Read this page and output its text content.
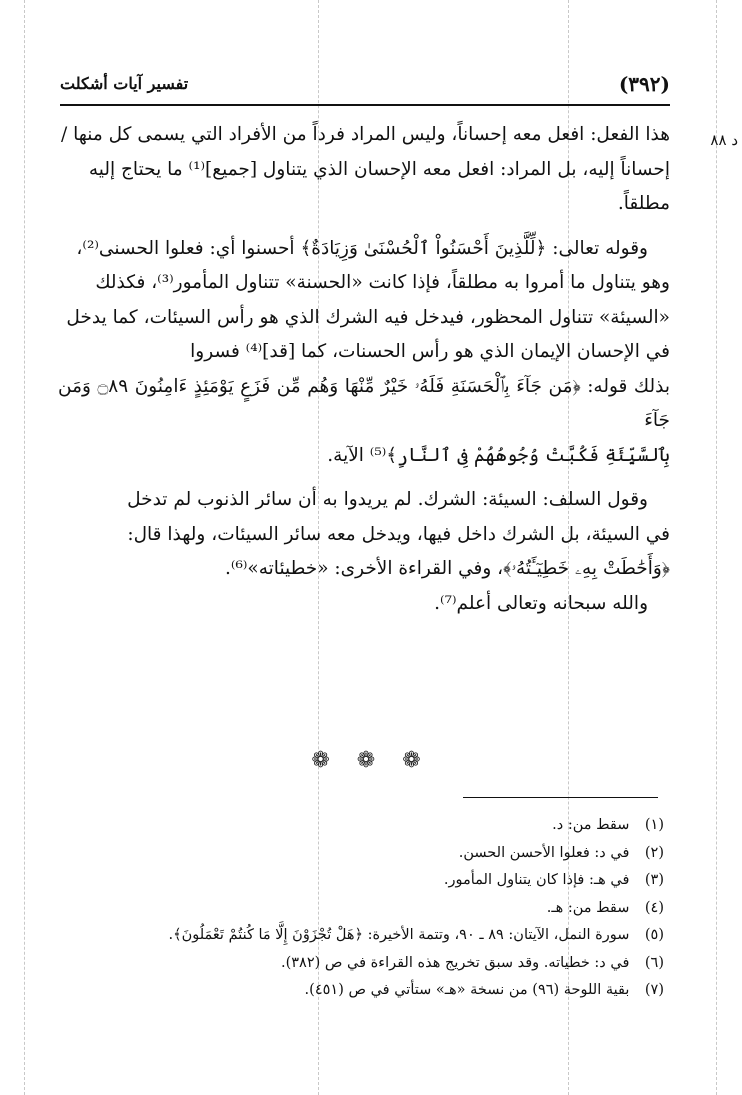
(٣٩٢)
تفسير آيات أشكلت
د ٨٨

هذا الفعل: افعل معه إحساناً، وليس المراد فرداً من الأفراد التي يسمى كل منها /
إحساناً إليه، بل المراد: افعل معه الإحسان الذي يتناول [جميع]⁽¹⁾ ما يحتاج إليه
مطلقاً.

وقوله تعالى: ﴿لِّلَّذِينَ أَحْسَنُواْ ٱلْحُسْنَىٰ وَزِيَادَةٌ﴾ أحسنوا أي: فعلوا الحسنى⁽²⁾،
وهو يتناول ما أمروا به مطلقاً، فإذا كانت «الحسنة» تتناول المأمور⁽³⁾، فكذلك
«السيئة» تتناول المحظور، فيدخل فيه الشرك الذي هو رأس السيئات، كما يدخل
في الإحسان الإيمان الذي هو رأس الحسنات، كما [قد]⁽⁴⁾ فسروا
بذلك قوله: ﴿مَن جَآءَ بِٱلْحَسَنَةِ فَلَهُۥ خَيْرٌ مِّنْهَا وَهُم مِّن فَزَعٍ يَوْمَئِذٍ ءَامِنُونَ ۝٨٩ وَمَن جَآءَ
بِٱلسَّيِّئَةِ فَكُبَّتْ وُجُوهُهُمْ فِى ٱلنَّارِ﴾⁽⁵⁾ الآية.

وقول السلف: السيئة: الشرك. لم يريدوا به أن سائر الذنوب لم تدخل
في السيئة، بل الشرك داخل فيها، ويدخل معه سائر السيئات، ولهذا قال:
﴿وَأَحَٰطَتْ بِهِۦ خَطِيٓـَٔتُهُۥ﴾، وفي القراءة الأخرى: «خطيئاته»⁽⁶⁾.

والله سبحانه وتعالى أعلم⁽⁷⁾.

❁ ❁ ❁
(١) سقط من: د.
(٢) في د: فعلوا الأحسن الحسن.
(٣) في هـ: فإذا كان يتناول المأمور.
(٤) سقط من: هـ.
(٥) سورة النمل، الآيتان: ٨٩ ـ ٩٠، وتتمة الأخيرة: ﴿هَلْ تُجْزَوْنَ إِلَّا مَا كُنتُمْ تَعْمَلُونَ﴾.
(٦) في د: خطياته. وقد سبق تخريج هذه القراءة في ص (٣٨٢).
(٧) بقية اللوحة (٩٦) من نسخة «هـ» ستأتي في ص (٤٥١).
